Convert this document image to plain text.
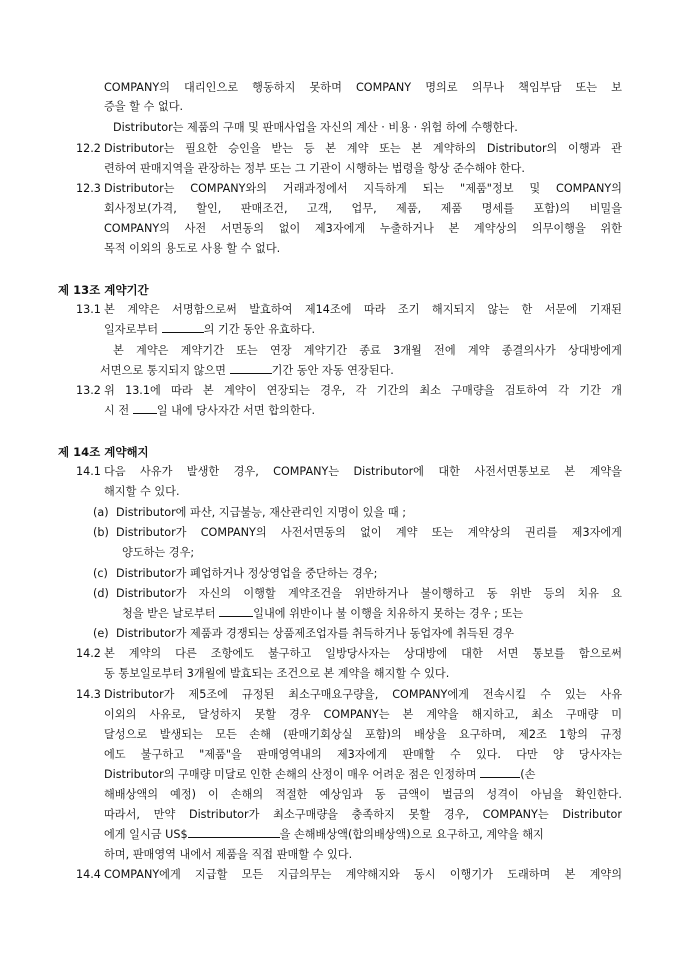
COMPANY의 대리인으로 행동하지 못하며 COMPANY 명의로 의무나 책임부담 또는 보
증을 할 수 없다.
Distributor는 제품의 구매 및 판매사업을 자신의 계산 · 비용 · 위험 하에 수행한다.
12.2 Distributor는 필요한 승인을 받는 등 본 계약 또는 본 계약하의 Distributor의 이행과 관
련하여 판매지역을 관장하는 정부 또는 그 기관이 시행하는 법령을 항상 준수해야 한다.
12.3 Distributor는 COMPANY와의 거래과정에서 지득하게 되는 "제품"정보 및 COMPANY의
회사정보(가격, 할인, 판매조건, 고객, 업무, 제품, 제품 명세를 포함)의 비밀을
COMPANY의 사전 서면동의 없이 제3자에게 누출하거나 본 계약상의 의무이행을 위한
목적 이외의 용도로 사용 할 수 없다.
제 13조 계약기간
13.1 본 계약은 서명함으로써 발효하여 제14조에 따라 조기 해지되지 않는 한 서문에 기재된
일자로부터	의 기간 동안 유효하다.
본 계약은 계약기간 또는 연장 계약기간 종료 3개월 전에 계약 종결의사가 상대방에게
서면으로 통지되지 않으면	기간 동안 자동 연장된다.
13.2 위 13.1에 따라 본 계약이 연장되는 경우, 각 기간의 최소 구매량을 검토하여 각 기간 개
시 전 일 내에 당사자간 서면 합의한다.
제 14조 계약해지
14.1 다음 사유가 발생한 경우, COMPANY는 Distributor에 대한 사전서면통보로 본 계약을
해지할 수 있다.
(a) Distributor에 파산, 지급불능, 재산관리인 지명이 있을 때 ;
(b) Distributor가 COMPANY의 사전서면동의 없이 계약 또는 계약상의 권리를 제3자에게
양도하는 경우;
(c) Distributor가 폐업하거나 정상영업을 중단하는 경우;
(d) Distributor가 자신의 이행할 계약조건을 위반하거나 불이행하고 동 위반 등의 치유 요
청을 받은 날로부터	일내에 위반이나 불 이행을 치유하지 못하는 경우 ; 또는
(e) Distributor가 제품과 경쟁되는 상품제조업자를 취득하거나 동업자에 취득된 경우
14.2 본 계약의 다른 조항에도 불구하고 일방당사자는 상대방에 대한 서면 통보를 함으로써
동 통보일로부터 3개월에 발효되는 조건으로 본 계약을 해지할 수 있다.
14.3 Distributor가 제5조에 규정된 최소구매요구량을, COMPANY에게 전속시킬 수 있는 사유
이외의 사유로, 달성하지 못할 경우 COMPANY는 본 계약을 해지하고, 최소 구매량 미
달성으로 발생되는 모든 손해 (판매기회상실 포함)의 배상을 요구하며, 제2조 1항의 규정
에도 불구하고 "제품"을 판매영역내의 제3자에게 판매할 수 있다. 다만 양 당사자는
Distributor의 구매량 미달로 인한 손해의 산정이 매우 어려운 점은 인정하며	(손
해배상액의 예정) 이 손해의 적절한 예상임과 동 금액이 벌금의 성격이 아님을 확인한다.
따라서, 만약 Distributor가 최소구매량을 충족하지 못할 경우, COMPANY는 Distributor
에게 일시금 US$	을 손해배상액(합의배상액)으로 요구하고, 계약을 해지
하며, 판매영역 내에서 제품을 직접 판매할 수 있다.
14.4 COMPANY에게 지급할 모든 지급의무는 계약해지와 동시 이행기가 도래하며 본 계약의
